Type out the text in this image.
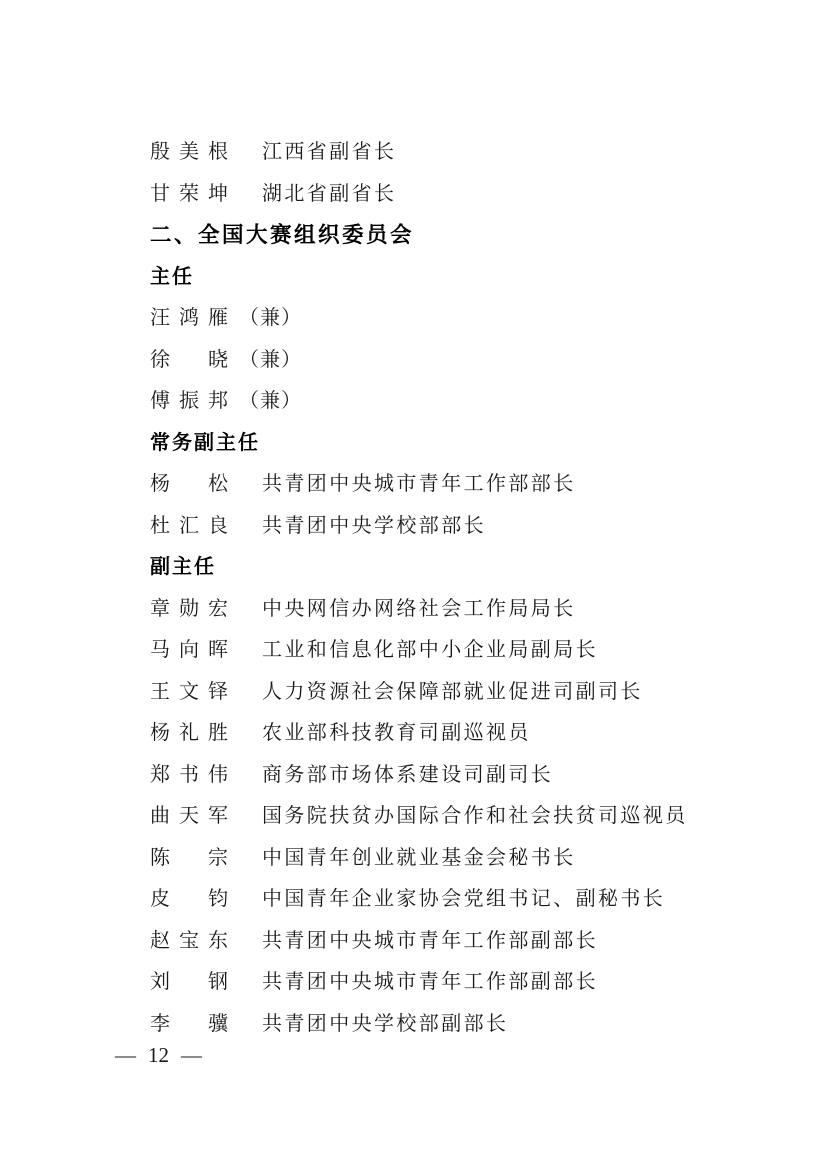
殷美根	江西省副省长
甘荣坤	湖北省副省长
二、全国大赛组织委员会
主任
汪鸿雁 （兼）
徐　晓 （兼）
傅振邦 （兼）
常务副主任
杨　松	共青团中央城市青年工作部部长
杜汇良	共青团中央学校部部长
副主任
章勋宏	中央网信办网络社会工作局局长
马向晖	工业和信息化部中小企业局副局长
王文铎	人力资源社会保障部就业促进司副司长
杨礼胜	农业部科技教育司副巡视员
郑书伟	商务部市场体系建设司副司长
曲天军	国务院扶贫办国际合作和社会扶贫司巡视员
陈　宗	中国青年创业就业基金会秘书长
皮　钧	中国青年企业家协会党组书记、副秘书长
赵宝东	共青团中央城市青年工作部副部长
刘　钢	共青团中央城市青年工作部副部长
李　骥	共青团中央学校部副部长
— 12 —
